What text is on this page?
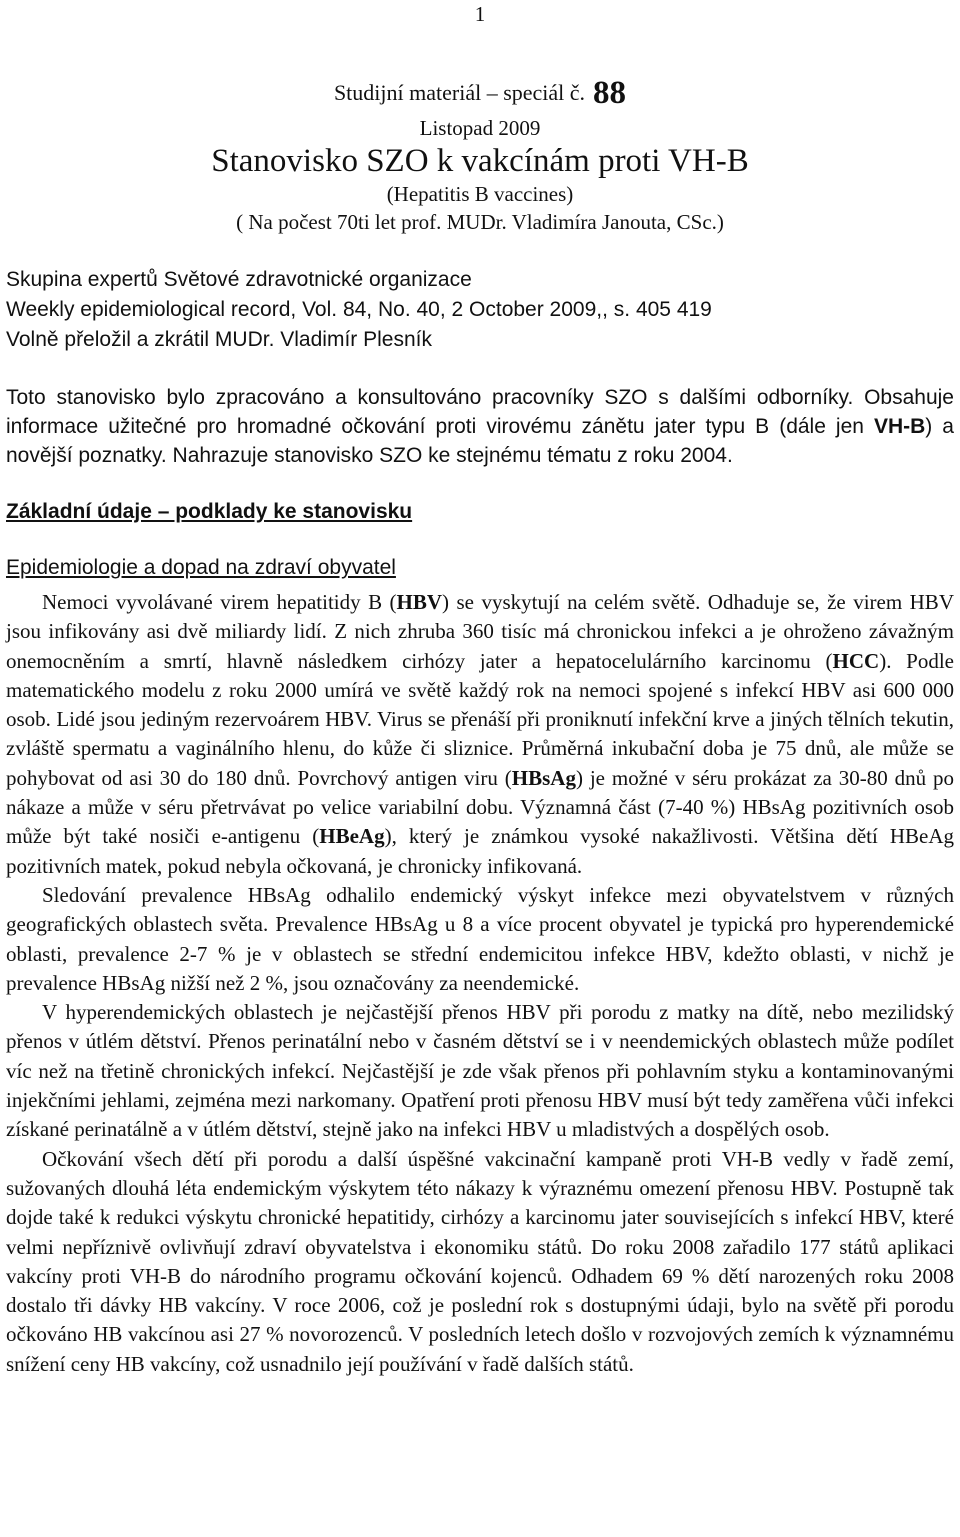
1
Studijní materiál – speciál č. 88
Listopad 2009
Stanovisko SZO k vakcínám proti VH-B
(Hepatitis B vaccines)
( Na počest 70ti let prof. MUDr. Vladimíra Janouta, CSc.)
Skupina expertů Světové zdravotnické organizace
Weekly epidemiological record, Vol. 84, No. 40, 2 October 2009,, s. 405 419
Volně přeložil a zkrátil MUDr. Vladimír Plesník
Toto stanovisko bylo zpracováno a konsultováno pracovníky SZO s dalšími odborníky. Obsahuje informace užitečné pro hromadné očkování proti virovému zánětu jater typu B (dále jen VH-B) a novější poznatky. Nahrazuje stanovisko SZO ke stejnému tématu z roku 2004.
Základní údaje – podklady ke stanovisku
Epidemiologie a dopad na zdraví obyvatel

Nemoci vyvolávané virem hepatitidy B (HBV) se vyskytují na celém světě. Odhaduje se, že virem HBV jsou infikovány asi dvě miliardy lidí. Z nich zhruba 360 tisíc má chronickou infekci a je ohroženo závažným onemocněním a smrtí, hlavně následkem cirhózy jater a hepatocelulárního karcinomu (HCC). Podle matematického modelu z roku 2000 umírá ve světě každý rok na nemoci spojené s infekcí HBV asi 600 000 osob. Lidé jsou jediným rezervoárem HBV. Virus se přenáší při proniknutí infekční krve a jiných tělních tekutin, zvláště spermatu a vaginálního hlenu, do kůže či sliznice. Průměrná inkubační doba je 75 dnů, ale může se pohybovat od asi 30 do 180 dnů. Povrchový antigen viru (HBsAg) je možné v séru prokázat za 30-80 dnů po nákaze a může v séru přetrvávat po velice variabilní dobu. Významná část (7-40 %) HBsAg pozitivních osob může být také nosiči e-antigenu (HBeAg), který je známkou vysoké nakažlivosti. Většina dětí HBeAg pozitivních matek, pokud nebyla očkovaná, je chronicky infikovaná.

Sledování prevalence HBsAg odhalilo endemický výskyt infekce mezi obyvatelstvem v různých geografických oblastech světa. Prevalence HBsAg u 8 a více procent obyvatel je typická pro hyperendemické oblasti, prevalence 2-7 % je v oblastech se střední endemicitou infekce HBV, kdežto oblasti, v nichž je prevalence HBsAg nižší než 2 %, jsou označovány za neendemické.

V hyperendemických oblastech je nejčastější přenos HBV při porodu z matky na dítě, nebo mezilidský přenos v útlém dětství. Přenos perinatální nebo v časném dětství se i v neendemických oblastech může podílet víc než na třetině chronických infekcí. Nejčastější je zde však přenos při pohlavním styku a kontaminovanými injekčními jehlami, zejména mezi narkomany. Opatření proti přenosu HBV musí být tedy zaměřena vůči infekci získané perinatálně a v útlém dětství, stejně jako na infekci HBV u mladistvých a dospělých osob.

Očkování všech dětí při porodu a další úspěšné vakcinační kampaně proti VH-B vedly v řadě zemí, sužovaných dlouhá léta endemickým výskytem této nákazy k výraznému omezení přenosu HBV. Postupně tak dojde také k redukci výskytu chronické hepatitidy, cirhózy a karcinomu jater souvisejících s infekcí HBV, které velmi nepříznivě ovlivňují zdraví obyvatelstva i ekonomiku států. Do roku 2008 zařadilo 177 států aplikaci vakcíny proti VH-B do národního programu očkování kojenců. Odhadem 69 % dětí narozených roku 2008 dostalo tři dávky HB vakcíny. V roce 2006, což je poslední rok s dostupnými údaji, bylo na světě při porodu očkováno HB vakcínou asi 27 % novorozenců. V posledních letech došlo v rozvojových zemích k významnému snížení ceny HB vakcíny, což usnadnilo její používání v řadě dalších států.
